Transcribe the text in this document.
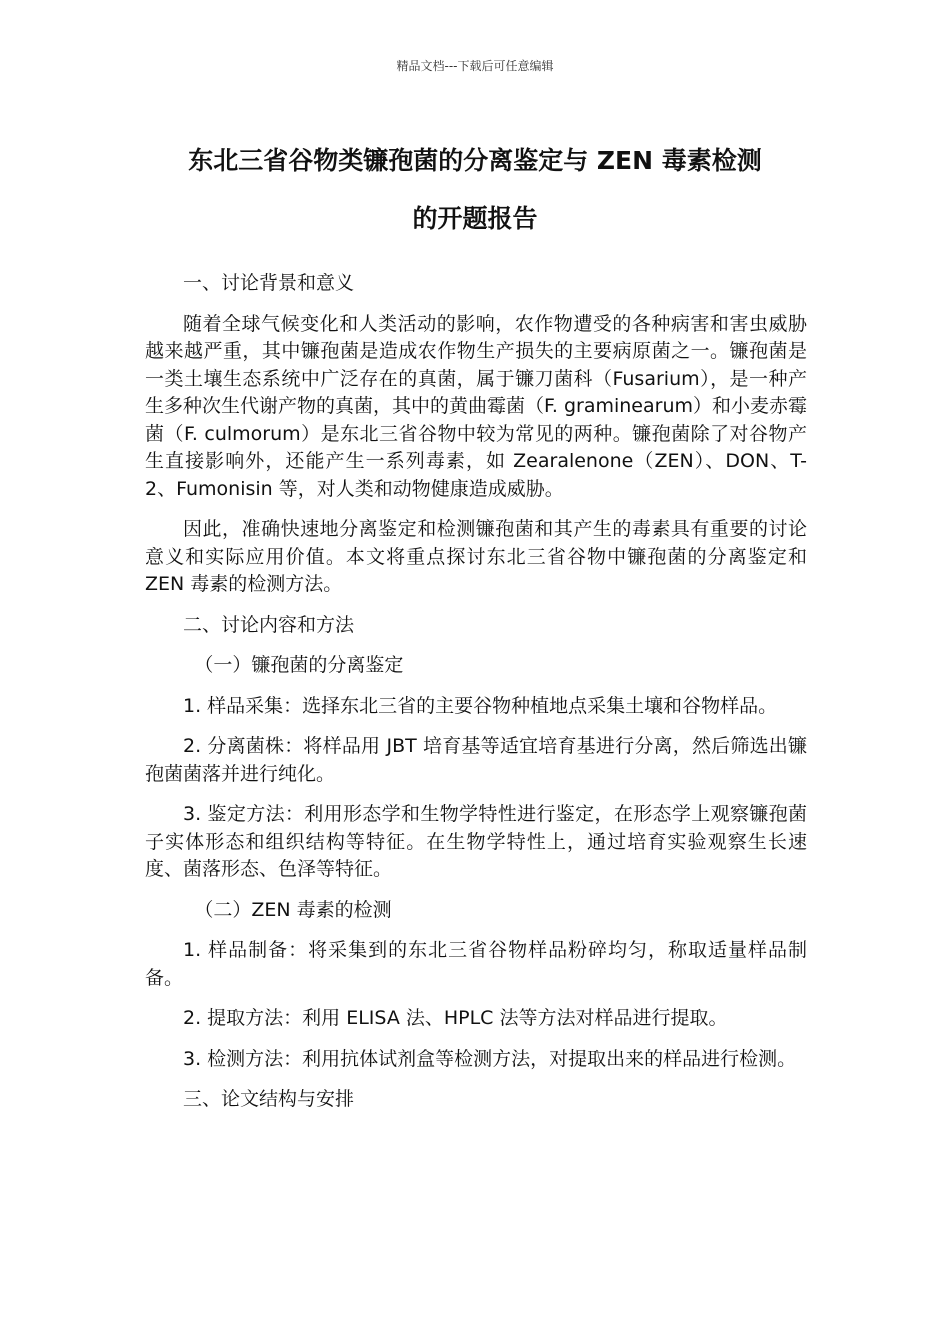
精品文档---下载后可任意编辑
东北三省谷物类镰孢菌的分离鉴定与 ZEN 毒素检测
的开题报告

一、讨论背景和意义

随着全球气候变化和人类活动的影响，农作物遭受的各种病害和害虫威胁越来越严重，其中镰孢菌是造成农作物生产损失的主要病原菌之一。镰孢菌是一类土壤生态系统中广泛存在的真菌，属于镰刀菌科（Fusarium），是一种产生多种次生代谢产物的真菌，其中的黄曲霉菌（F. graminearum）和小麦赤霉菌（F. culmorum）是东北三省谷物中较为常见的两种。镰孢菌除了对谷物产生直接影响外，还能产生一系列毒素，如 Zearalenone（ZEN）、DON、T-2、Fumonisin 等，对人类和动物健康造成威胁。

因此，准确快速地分离鉴定和检测镰孢菌和其产生的毒素具有重要的讨论意义和实际应用价值。本文将重点探讨东北三省谷物中镰孢菌的分离鉴定和 ZEN 毒素的检测方法。

二、讨论内容和方法

（一）镰孢菌的分离鉴定

1. 样品采集：选择东北三省的主要谷物种植地点采集土壤和谷物样品。

2. 分离菌株：将样品用 JBT 培育基等适宜培育基进行分离，然后筛选出镰孢菌菌落并进行纯化。

3. 鉴定方法：利用形态学和生物学特性进行鉴定，在形态学上观察镰孢菌子实体形态和组织结构等特征。在生物学特性上，通过培育实验观察生长速度、菌落形态、色泽等特征。

（二）ZEN 毒素的检测

1. 样品制备：将采集到的东北三省谷物样品粉碎均匀，称取适量样品制备。

2. 提取方法：利用 ELISA 法、HPLC 法等方法对样品进行提取。

3. 检测方法：利用抗体试剂盒等检测方法，对提取出来的样品进行检测。

三、论文结构与安排
